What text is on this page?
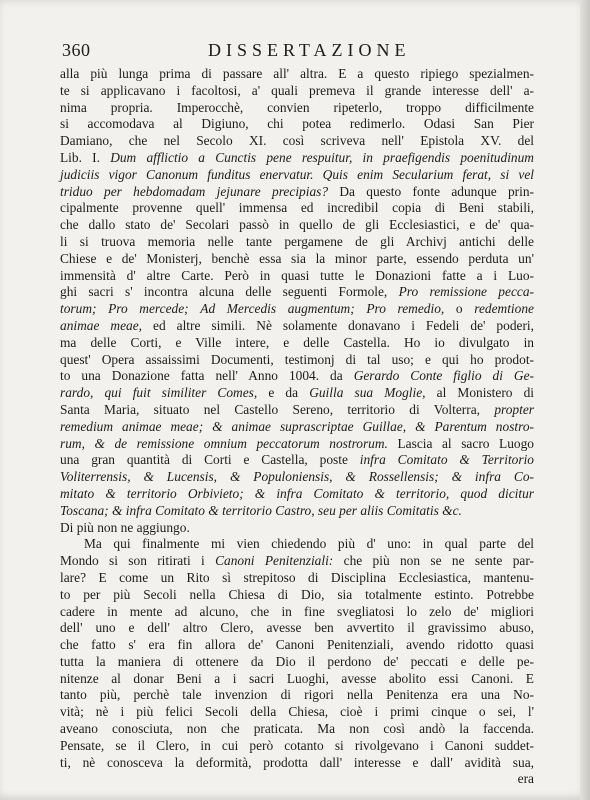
360	DISSERTAZIONE
alla più lunga prima di passare all' altra. E a questo ripiego spezialmen-
te si applicavano i facoltosi, a' quali premeva il grande interesse dell' a-
nima propria. Imperocchè, convien ripeterlo, troppo difficilmente
si accomodava al Digiuno, chi potea redimerlo. Odasi San Pier
Damiano, che nel Secolo XI. così scriveva nell' Epistola XV. del
Lib. I. Dum afflictio a Cunctis pene respuitur, in praefigendis poenitudinum
judiciis vigor Canonum funditus enervatur. Quis enim Secularium ferat, si vel
triduo per hebdomadam jejunare precipias? Da questo fonte adunque prin-
cipalmente provenne quell' immensa ed incredibil copia di Beni stabili,
che dallo stato de' Secolari passò in quello de gli Ecclesiastici, e de' qua-
li si truova memoria nelle tante pergamene de gli Archivj antichi delle
Chiese e de' Monisterj, benchè essa sia la minor parte, essendo perduta un'
immensità d' altre Carte. Però in quasi tutte le Donazioni fatte a i Luo-
ghi sacri s' incontra alcuna delle seguenti Formole, Pro remissione pecca-
torum; Pro mercede; Ad Mercedis augmentum; Pro remedio, o redemtione
animae meae, ed altre simili. Nè solamente donavano i Fedeli de' poderi,
ma delle Corti, e Ville intere, e delle Castella. Ho io divulgato in
quest' Opera assaissimi Documenti, testimonj di tal uso; e qui ho prodot-
to una Donazione fatta nell' Anno 1004. da Gerardo Conte figlio di Ge-
rardo, qui fuit similiter Comes, e da Guilla sua Moglie, al Monistero di
Santa Maria, situato nel Castello Sereno, territorio di Volterra, propter
remedium animae meae; & animae suprascriptae Guillae, & Parentum nostro-
rum, & de remissione omnium peccatorum nostrorum. Lascia al sacro Luogo
una gran quantità di Corti e Castella, poste infra Comitato & Territorio
Voliterrensis, & Lucensis, & Populoniensis, & Rossellensis; & infra Co-
mitato & territorio Orbivieto; & infra Comitato & territorio, quod dicitur
Toscana; & infra Comitato & territorio Castro, seu per aliis Comitatis &c.
Di più non ne aggiungo.
Ma qui finalmente mi vien chiedendo più d' uno: in qual parte del
Mondo si son ritirati i Canoni Penitenziali: che più non se ne sente par-
lare? E come un Rito sì strepitoso di Disciplina Ecclesiastica, mantenu-
to per più Secoli nella Chiesa di Dio, sia totalmente estinto. Potrebbe
cadere in mente ad alcuno, che in fine svegliatosi lo zelo de' migliori
dell' uno e dell' altro Clero, avesse ben avvertito il gravissimo abuso,
che fatto s' era fin allora de' Canoni Penitenziali, avendo ridotto quasi
tutta la maniera di ottenere da Dio il perdono de' peccati e delle pe-
nitenze al donar Beni a i sacri Luoghi, avesse abolito essi Canoni. E
tanto più, perchè tale invenzion di rigori nella Penitenza era una No-
vità; nè i più felici Secoli della Chiesa, cioè i primi cinque o sei, l'
aveano conosciuta, non che praticata. Ma non così andò la faccenda.
Pensate, se il Clero, in cui però cotanto si rivolgevano i Canoni suddet-
ti, nè conosceva la deformità, prodotta dall' interesse e dall' avidità sua,
era
